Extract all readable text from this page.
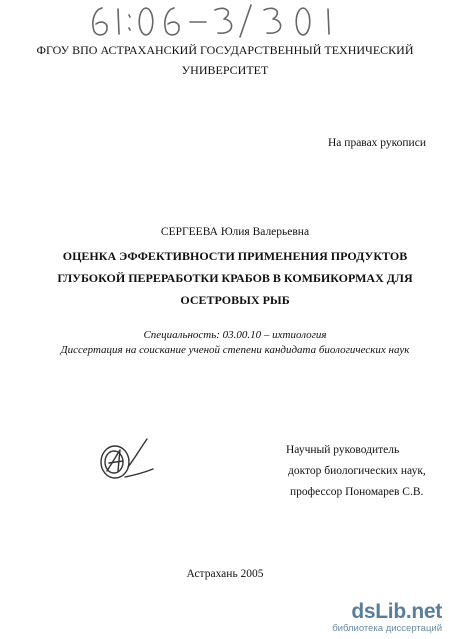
ФГОУ ВПО АСТРАХАНСКИЙ ГОСУДАРСТВЕННЫЙ ТЕХНИЧЕСКИЙ
УНИВЕРСИТЕТ
На правах рукописи
СЕРГЕЕВА Юлия Валерьевна
ОЦЕНКА ЭФФЕКТИВНОСТИ ПРИМЕНЕНИЯ ПРОДУКТОВ
ГЛУБОКОЙ ПЕРЕРАБОТКИ КРАБОВ В КОМБИКОРМАХ ДЛЯ
ОСЕТРОВЫХ РЫБ
Специальность: 03.00.10 – ихтиология
Диссертация на соискание ученой степени кандидата биологических наук
Научный руководитель
доктор биологических наук,
профессор Пономарев С.В.
Астрахань 2005
dsLib.net
библиотека диссертаций
